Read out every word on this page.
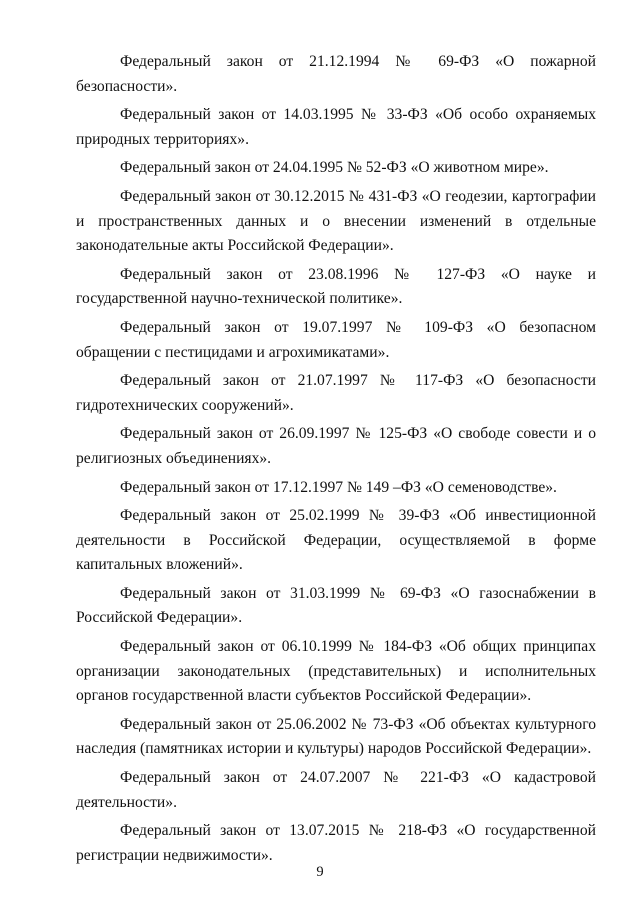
Федеральный закон от 21.12.1994 № 69-ФЗ «О пожарной безопасности».

Федеральный закон от 14.03.1995 № 33-ФЗ «Об особо охраняемых природных территориях».

Федеральный закон от 24.04.1995 № 52-ФЗ «О животном мире».

Федеральный закон от 30.12.2015 № 431-ФЗ «О геодезии, картографии и пространственных данных и о внесении изменений в отдельные законодательные акты Российской Федерации».

Федеральный закон от 23.08.1996 № 127-ФЗ «О науке и государственной научно-технической политике».

Федеральный закон от 19.07.1997 № 109-ФЗ «О безопасном обращении с пестицидами и агрохимикатами».

Федеральный закон от 21.07.1997 № 117-ФЗ «О безопасности гидротехнических сооружений».

Федеральный закон от 26.09.1997 № 125-ФЗ «О свободе совести и о религиозных объединениях».

Федеральный закон от 17.12.1997 № 149 –ФЗ «О семеноводстве».

Федеральный закон от 25.02.1999 № 39-ФЗ «Об инвестиционной деятельности в Российской Федерации, осуществляемой в форме капитальных вложений».

Федеральный закон от 31.03.1999 № 69-ФЗ «О газоснабжении в Российской Федерации».

Федеральный закон от 06.10.1999 № 184-ФЗ «Об общих принципах организации законодательных (представительных) и исполнительных органов государственной власти субъектов Российской Федерации».

Федеральный закон от 25.06.2002 № 73-ФЗ «Об объектах культурного наследия (памятниках истории и культуры) народов Российской Федерации».

Федеральный закон от 24.07.2007 № 221-ФЗ «О кадастровой деятельности».

Федеральный закон от 13.07.2015 № 218-ФЗ «О государственной регистрации недвижимости».

9
